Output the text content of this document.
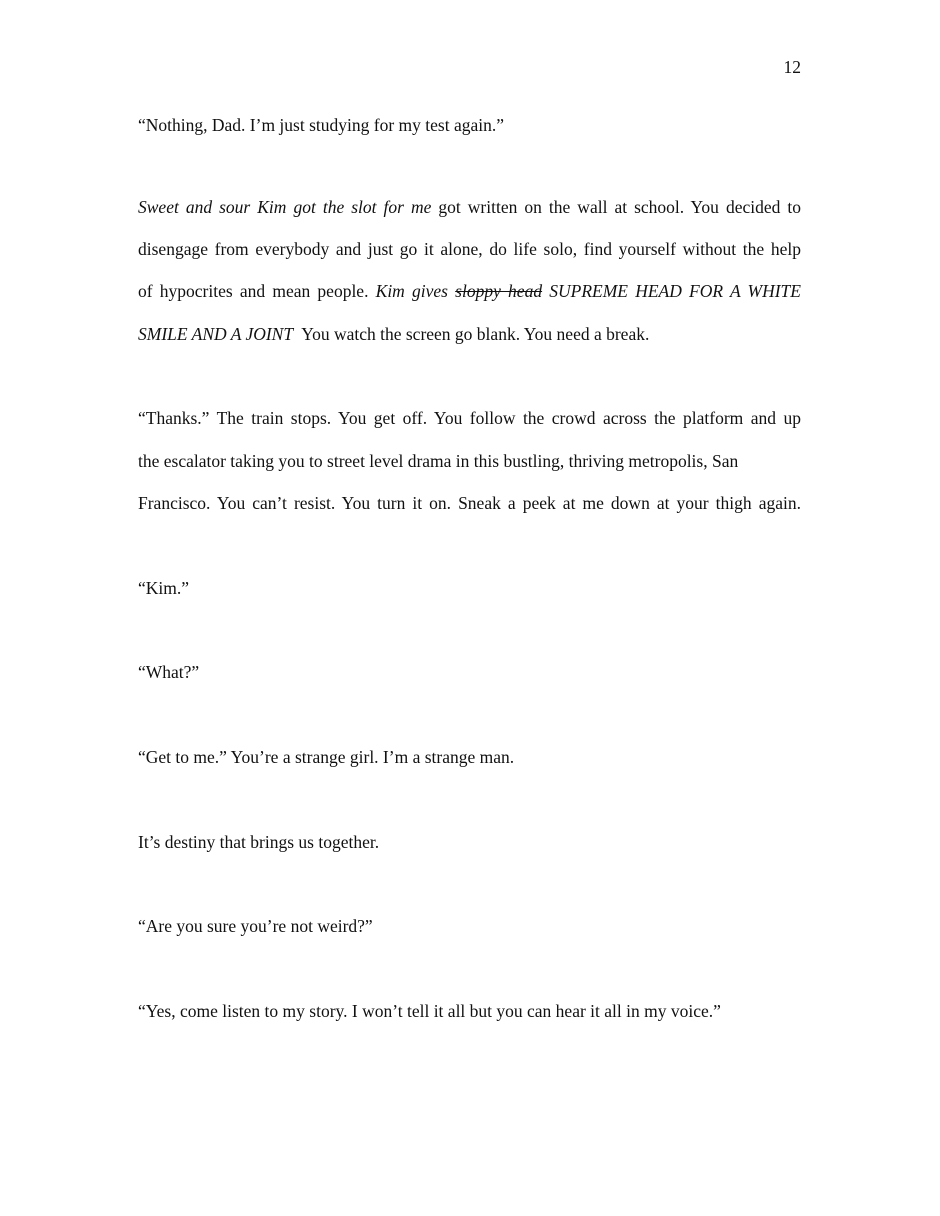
12
“Nothing, Dad. I’m just studying for my test again.”
Sweet and sour Kim got the slot for me got written on the wall at school. You decided to
disengage from everybody and just go it alone, do life solo, find yourself without the help
of hypocrites and mean people. Kim gives sloppy head SUPREME HEAD FOR A WHITE
SMILE AND A JOINT  You watch the screen go blank. You need a break.
“Thanks.” The train stops. You get off. You follow the crowd across the platform and up
the escalator taking you to street level drama in this bustling, thriving metropolis, San
Francisco. You can’t resist. You turn it on. Sneak a peek at me down at your thigh again.
“Kim.”
“What?”
“Get to me.” You’re a strange girl. I’m a strange man.
It’s destiny that brings us together.
“Are you sure you’re not weird?”
“Yes, come listen to my story. I won’t tell it all but you can hear it all in my voice.”
